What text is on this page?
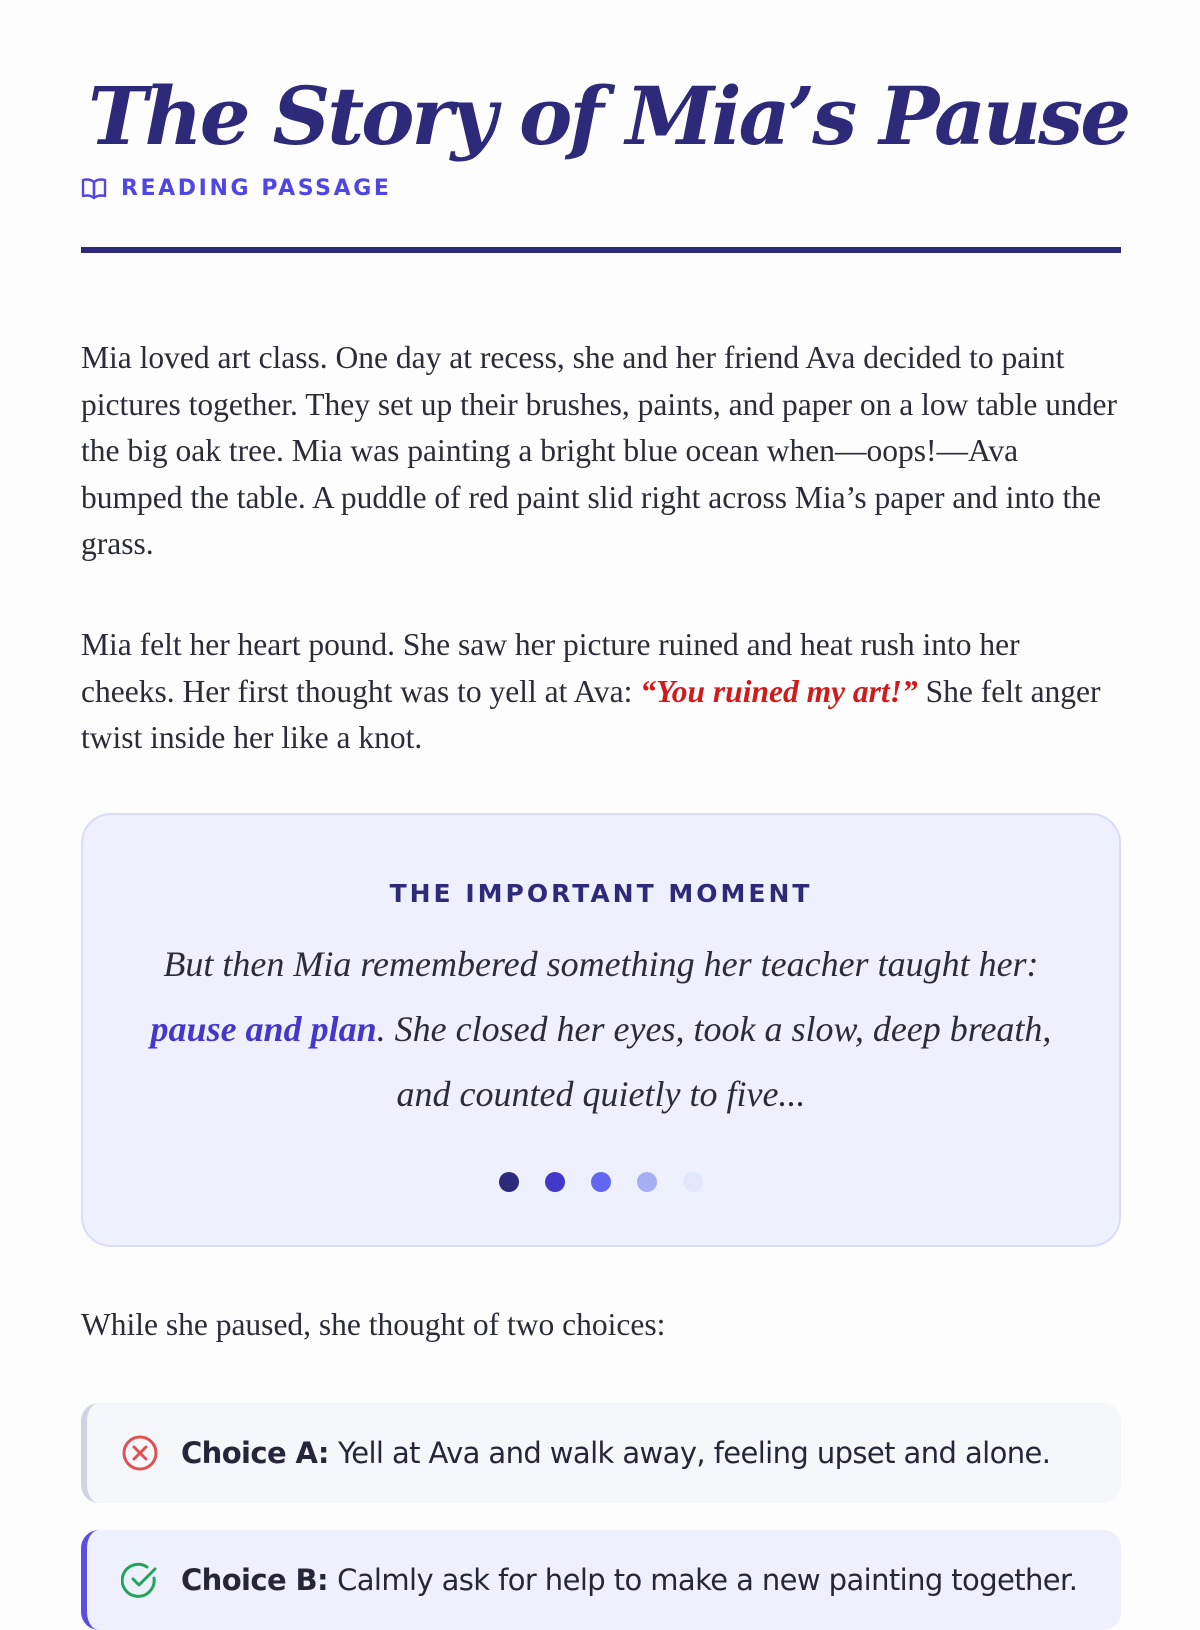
The Story of Mia’s Pause
READING PASSAGE

Mia loved art class. One day at recess, she and her friend Ava decided to paint pictures together. They set up their brushes, paints, and paper on a low table under the big oak tree. Mia was painting a bright blue ocean when—oops!—Ava bumped the table. A puddle of red paint slid right across Mia’s paper and into the grass.

Mia felt her heart pound. She saw her picture ruined and heat rush into her cheeks. Her first thought was to yell at Ava: “You ruined my art!” She felt anger twist inside her like a knot.

THE IMPORTANT MOMENT

But then Mia remembered something her teacher taught her: pause and plan. She closed her eyes, took a slow, deep breath, and counted quietly to five...

While she paused, she thought of two choices:

Choice A: Yell at Ava and walk away, feeling upset and alone.
Choice B: Calmly ask for help to make a new painting together.
